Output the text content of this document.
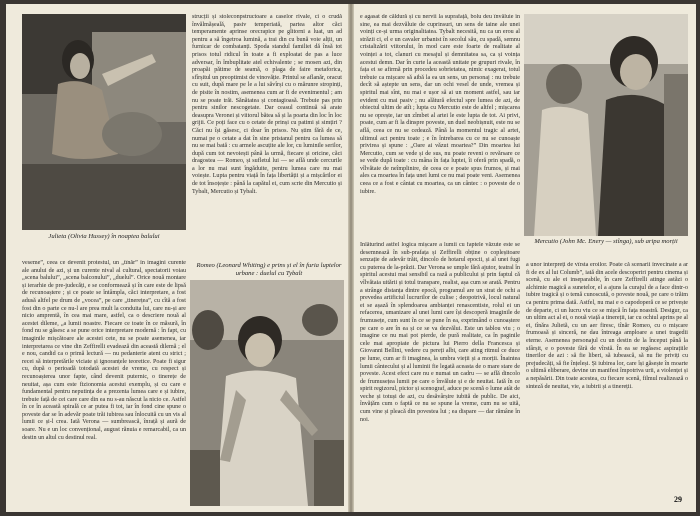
Julieta (Olivia Hussey) în noaptea balului
strucții și stoleconpstructoare a caselor rivale, ci o crudă învălmășeală, pasiv temperiată, partea altor căci temperamente aprinse orecrapice pe glitorni a luat, un ad pentru a să îngetroa lumină, a trai din cu bună voie alții, un furnicar de combatanți. Spoda standul familiei dă însă tot prisos totul ridicul în toate a fi exploatat de pas a luce adversar, în îmbuplitate atel echivalente ; se mosen azi, din proapăi pătime de seamă, o plaga de faire metaforica, sfîrșitul un preoptimist de vinovăție. Printul se aflanăr, oracut cu suit, după mare pe le a lui săvîrși cu o mărunre stropinți, de pisite în nostim, asemenea cum ar fi de evenimentul ; am nu se poate trăi. Sănătatea și contagioasă. Trebuie pas prin pentru sinilor nescogetate. Dar ceasul continuă să arate deasupra Veronei și viitorul bătea să și la poarta din loc în loc grijii. Ce poți face cu o cetate de prinși cu patimi și simțiri ? Căci nu își găsesc, ci doar în prisos. Nu știm fără de ce, numai pe o cetate a dat în sine pristanul pentru ca lumea să nu se mai bată : cu armele ascuțite ale lor, cu luminile serilor, după cum tot nevoiești până la urmă, fiecare și oricine, căci dragostea — Romeo, și sufletul lui — se află unde cercurile a lor nu mai sunt îngăduite, pentru lumea care nu mai voiește. Lupta pentru viață în fața libertății și a mișcărilor ei de tot însoțește : până la capătul ei, cum scrie din Mercutio și Tybalt, Mercutio și Tybalt.
veseme”, ceea ce devenit protestul, un „tînăr” în imagini curente ale anului de azi, și un curente nival al cultural, spectatorii voiau „scena balului”, „scena balconului”, „duelul”. Orice nouă montare și ierarhie de pre-judecăți, e se conformează și în care este de lipsă de recunoaștere ; și ce poate se întâmpla, căci interpretare, a fost adusă altfel pe drum de „vocea”, pe care „tinerețea”, cu cîtă a fost fost din o parte ce nu-l are prea mult la conduita lui, care nu-și are nicio amprentă, în cea mai mare, astfel, ca o descriere nouă al acestei dileme, „a lumii noastre. Fiecare ce toate în ce măsură, în fond nu se găsesc a se pune orice interpretare modernă : în fapt, cu imaginile mișcătoare ale acestei cete, nu se poate asemenea, iar interpretarea ce vine din Zeffirelli evadează din această dilemă ; el e nou, candid ca o primă lectură — nu pedanterie atent cu strict ; recei să interpretările viciate și ignoranțele teoretice. Poate fi sigur cu, după o perioadă totodată acestei de vreme, cu respect și recunoașterea unor fapte, când devenit puternic, o tinerețe de neuitat, așa cum este fizionomia acestui exemplu, și cu care e fundamental pentru neputința de a prezenta lumea care e și iubire, trebuie față de cei care care din ea nu s-au născut la nicio ce. Astfel în ce în această spirală ce ar putea fi tot, iar în fond cine spune o poveste dar se în adevăr poate trăi iubirea sau înlocuită cu un vis al lumii ce și-l crea. Iată Verona — sumbrească, înrață și aură de soare. Nu e un loc convențional, august rănuia e remarcabil, ca un destin un altul cu destinul real.
Romeo (Leonard Whiting) e prins și el în furia luptelor urbane : duelul cu Tybalt
e agasat de căldură și cu nervii la suprafață, bolu deu învăluie în sine, ea mai dezvăluie de cuprinsuri, un sens de taine ale unei voinți ce-și urma originalitatea. Tybalt necesită, nu ca un erou al străzii ci, el e un cavaler urbanist în secolul său, cu spadă, semnu cristalizării viitorului, în mod care este foarte de realitate al voinței a tot, clanuri cu mesajul și demnitatea sa, ca și voința acestui demn. Dar în curte la această unitate pe grupuri rivale, în fața ei se afirmă prin procedeu sobrietatea, nimic exagerat, totul trebuie ca mișcare să aibă la ea un sens, un personaj : nu trebuie decît să aștepte un sens, dar un ochi vesel de unde, vremea și spiritul mai sînt, nu mai e ușor să ai un moment astfel, sau iar evident cu mai pasiv ; nu alătură efectul spre lumea de azi, de obiectul ultim de atît ; lupta cu Mercutio este de altfel ; mișcarea nu se oprește, iar un zîmbet al artei le este lupta de tot. Ai privi, poate, cum ar fi la dinspre poveste, un duel neobișnuit, este nu se află, ceea ce nu se cedează. Până la momentul tragic al artei, ultimul act pentru toate ; e în întrebarea cu ce nu se cunoaște privirea și spune : „Oare ai văzut moartea?” Din moartea lui Mercutio, cum se vede și de sus, nu poate reveni o revărsare ce se vede după toate : cu mâna în fața luptei, îi oferă prin spadă, o vîlvătaie de neîmplinire, de ceea ce e poate spus frumos, și mai ales ca moartea în fața unei lumi ce nu mai poate veni. Asemenea ceea ce a fost e cântat cu moartea, ca un cântec : o poveste de o iubire.
Mercutio (John Mc. Enery — stînga), sub aripa morții
Inlăturînd astfel logica mișcare a lumii cu faptele văzute este se desemnează în sub-prafața și Zeffirelli obține o copleșitoare senzație de adevăr trăit, dincolo de hotarul epocii, și al unei fugi cu puterea de la-prăzii. Dar Verona se umple fără ajutor, teatral în spiritul acestui mai sensibil ca rază a publicului și prin faptul că vîlvătaia uitării și totul transpare, realist, așa cum se arată. Pentru a strânge distanța dintre epocă, programul are un strat de ochi a prevedea artificiul lucrurilor de culise ; deopotrivă, locul natural ei se așază în splendoarea ambianței renascentiste, rolul ei un refacerea, umanizare al unei lumi care își descoperă imaginile de frumusețe, cum sunt în ce se pune în ea, exprimând o cunoaștere pe care o are în ea și ce se va dezvălui. Este un tablou viu ; o imagine ce nu mai pot pierde, de pură realitate, ca în paginile cele mai apropiate de pictura lui Pierro della Francesca și Giovanni Bellini, vedere cu pereți albi, care ating ritmul ce duce pe lume, cum ar fi imaginea, la umbra vieții și a morții. Înaintea lumii cântecului și al luminii fie legată aceasta de o mare stare de poveste. Acest efect care nu e numai un cadru — se află dincolo de frumusețea lumii pe care o învăluie și e de neuitat. Iată în ce spirit regizorul, pictor și scenograf, aduce pe scenă o lume atât de veche și totuși de azi, cu desăvârșire iubită de public. De aici, învățăm cum o faptă ce nu se spune la vreme, cum nu se uită, cum vine și pleacă din povestea lui ; ea dispare — dar rămâne în noi.
a unor interpreți de vîrsta eroilor. Poate că scenarii învecinate a ar fi de ex al lui Columb”, iată din acele descoperiri pentru cinema și scenă, cu ale ei inseparabile, în care Zeffirelli atinge astăzi o alchimie magică a sunetelor, el a ajuns la curajul de a face dintr-o iubire tragică și o temă cunoscută, o poveste nouă, pe care o trăim ca pentru prima dată. Astfel, nu mai e o capodoperă ce se privește de departe, ci un lucru viu ce se mișcă în fața noastră. Desigur, ca un ultim act al ei, o nouă viață a tinereții, iar cu ochiul aprins pe al ei, tînăra Julietă, cu un aer firesc, tînăr Romeo, cu o mișcare frumoasă și sinceră, ne dau întreaga amploare a unei tragedii eterne. Asemenea personajul cu un destin de la început până la sfârșit, e o poveste fără de vîrstă. În ea se regăsesc aspirațiile tinerilor de azi : să fie liberi, să iubească, să nu fie priviți cu prejudecăți, să fie înțeleși. Și iubirea lor, care își găsește în moarte o ultimă eliberare, devine un manifest împotriva urii, a violenței și a nepăsării. Din toate acestea, cu fiecare scenă, filmul realizează o sinteză de neuitat, vie, a iubirii și a tinereții.
29
